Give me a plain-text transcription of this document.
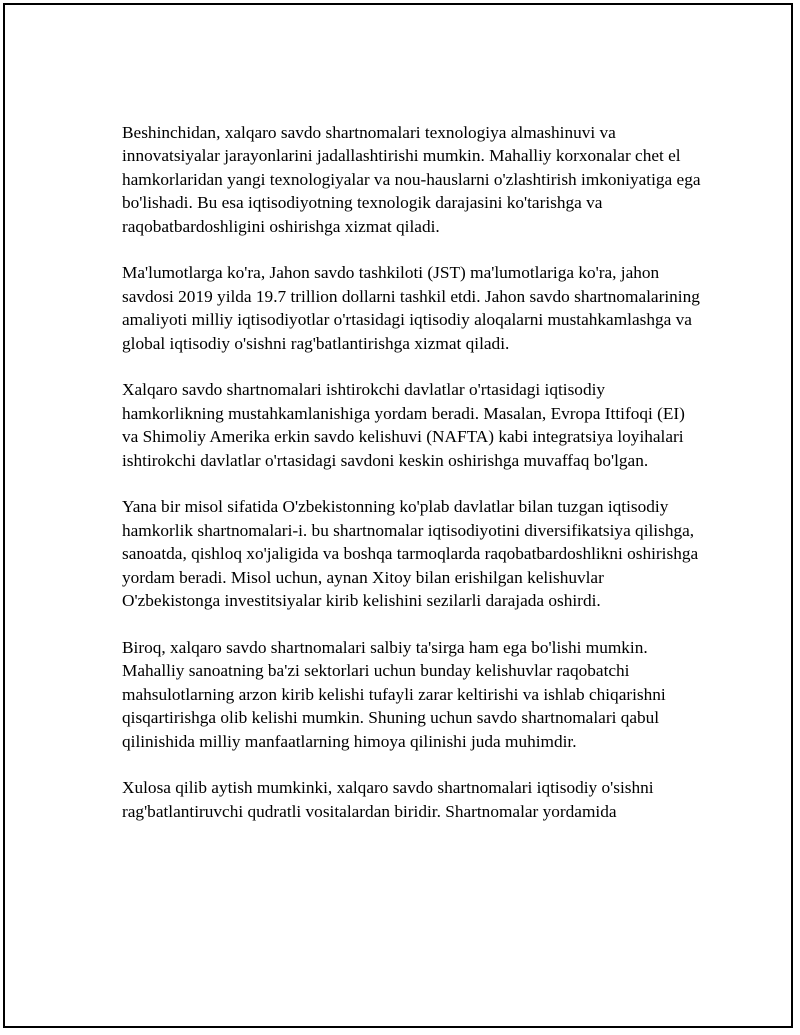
Beshinchidan, xalqaro savdo shartnomalari texnologiya almashinuvi va innovatsiyalar jarayonlarini jadallashtirishi mumkin. Mahalliy korxonalar chet el hamkorlaridan yangi texnologiyalar va nou-hauslarni o'zlashtirish imkoniyatiga ega bo'lishadi. Bu esa iqtisodiyotning texnologik darajasini ko'tarishga va raqobatbardoshligini oshirishga xizmat qiladi.

Ma'lumotlarga ko'ra, Jahon savdo tashkiloti (JST) ma'lumotlariga ko'ra, jahon savdosi 2019 yilda 19.7 trillion dollarni tashkil etdi. Jahon savdo shartnomalarining amaliyoti milliy iqtisodiyotlar o'rtasidagi iqtisodiy aloqalarni mustahkamlashga va global iqtisodiy o'sishni rag'batlantirishga xizmat qiladi.

Xalqaro savdo shartnomalari ishtirokchi davlatlar o'rtasidagi iqtisodiy hamkorlikning mustahkamlanishiga yordam beradi. Masalan, Evropa Ittifoqi (EI) va Shimoliy Amerika erkin savdo kelishuvi (NAFTA) kabi integratsiya loyihalari ishtirokchi davlatlar o'rtasidagi savdoni keskin oshirishga muvaffaq bo'lgan.

Yana bir misol sifatida O'zbekistonning ko'plab davlatlar bilan tuzgan iqtisodiy hamkorlik shartnomalari-i. bu shartnomalar iqtisodiyotini diversifikatsiya qilishga, sanoatda, qishloq xo'jaligida va boshqa tarmoqlarda raqobatbardoshlikni oshirishga yordam beradi. Misol uchun, aynan Xitoy bilan erishilgan kelishuvlar O'zbekistonga investitsiyalar kirib kelishini sezilarli darajada oshirdi.

Biroq, xalqaro savdo shartnomalari salbiy ta'sirga ham ega bo'lishi mumkin. Mahalliy sanoatning ba'zi sektorlari uchun bunday kelishuvlar raqobatchi mahsulotlarning arzon kirib kelishi tufayli zarar keltirishi va ishlab chiqarishni qisqartirishga olib kelishi mumkin. Shuning uchun savdo shartnomalari qabul qilinishida milliy manfaatlarning himoya qilinishi juda muhimdir.

Xulosa qilib aytish mumkinki, xalqaro savdo shartnomalari iqtisodiy o'sishni rag'batlantiruvchi qudratli vositalardan biridir. Shartnomalar yordamida
